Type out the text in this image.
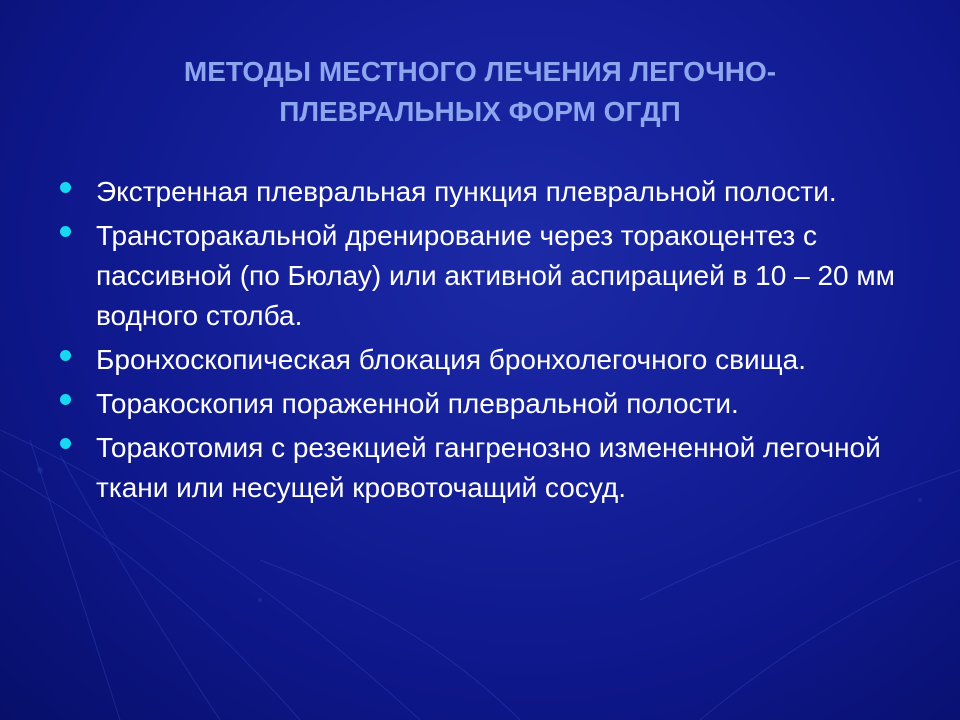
МЕТОДЫ МЕСТНОГО ЛЕЧЕНИЯ ЛЕГОЧНО-
ПЛЕВРАЛЬНЫХ ФОРМ ОГДП
Экстренная плевральная пункция плевральной полости.
Трансторакальной дренирование через торакоцентез с пассивной (по Бюлау) или активной аспирацией в 10 – 20 мм водного столба.
Бронхоскопическая блокация бронхолегочного свища.
Торакоскопия пораженной плевральной полости.
Торакотомия с резекцией гангренозно измененной легочной ткани или несущей кровоточащий сосуд.
